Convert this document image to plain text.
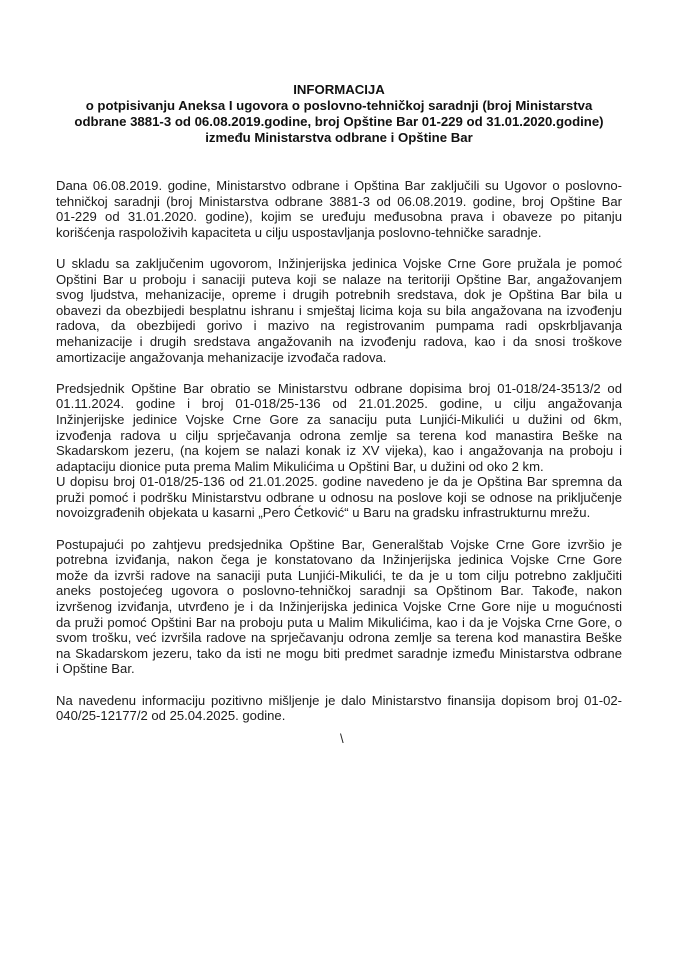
INFORMACIJA
o potpisivanju Aneksa I ugovora o poslovno-tehničkoj saradnji (broj Ministarstva
odbrane 3881-3 od 06.08.2019.godine, broj Opštine Bar 01-229 od 31.01.2020.godine)
između Ministarstva odbrane i Opštine Bar
Dana 06.08.2019. godine, Ministarstvo odbrane i Opština Bar zaključili su Ugovor o poslovno-
tehničkoj saradnji (broj Ministarstva odbrane 3881-3 od 06.08.2019. godine, broj Opštine Bar
01-229 od 31.01.2020. godine), kojim se uređuju međusobna prava i obaveze po pitanju
korišćenja raspoloživih kapaciteta u cilju uspostavljanja poslovno-tehničke saradnje.
U skladu sa zaključenim ugovorom, Inžinjerijska jedinica Vojske Crne Gore pružala je pomoć
Opštini Bar u proboju i sanaciji puteva koji se nalaze na teritoriji Opštine Bar, angažovanjem
svog ljudstva, mehanizacije, opreme i drugih potrebnih sredstava, dok je Opština Bar bila u
obavezi da obezbijedi besplatnu ishranu i smještaj licima koja su bila angažovana na izvođenju
radova, da obezbijedi gorivo i mazivo na registrovanim pumpama radi opskrbljavanja
mehanizacije i drugih sredstava angažovanih na izvođenju radova, kao i da snosi troškove
amortizacije angažovanja mehanizacije izvođača radova.
Predsjednik Opštine Bar obratio se Ministarstvu odbrane dopisima broj 01-018/24-3513/2 od
01.11.2024. godine i broj 01-018/25-136 od 21.01.2025. godine, u cilju angažovanja
Inžinjerijske jedinice Vojske Crne Gore za sanaciju puta Lunjići-Mikulići u dužini od 6km,
izvođenja radova u cilju sprječavanja odrona zemlje sa terena kod manastira Beške na
Skadarskom jezeru, (na kojem se nalazi konak iz XV vijeka), kao i angažovanja na proboju i
adaptaciju dionice puta prema Malim Mikulićima u Opštini Bar, u dužini od oko 2 km.
U dopisu broj 01-018/25-136 od 21.01.2025. godine navedeno je da je Opština Bar spremna da
pruži pomoć i podršku Ministarstvu odbrane u odnosu na poslove koji se odnose na priključenje
novoizgrađenih objekata u kasarni „Pero Ćetković“ u Baru na gradsku infrastrukturnu mrežu.
Postupajući po zahtjevu predsjednika Opštine Bar, Generalštab Vojske Crne Gore izvršio je
potrebna izviđanja, nakon čega je konstatovano da Inžinjerijska jedinica Vojske Crne Gore
može da izvrši radove na sanaciji puta Lunjići-Mikulići, te da je u tom cilju potrebno zaključiti
aneks postojećeg ugovora o poslovno-tehničkoj saradnji sa Opštinom Bar. Takođe, nakon
izvršenog izviđanja, utvrđeno je i da Inžinjerijska jedinica Vojske Crne Gore nije u mogućnosti
da pruži pomoć Opštini Bar na proboju puta u Malim Mikulićima, kao i da je Vojska Crne Gore, o
svom trošku, već izvršila radove na sprječavanju odrona zemlje sa terena kod manastira Beške
na Skadarskom jezeru, tako da isti ne mogu biti predmet saradnje između Ministarstva odbrane
i Opštine Bar.
Na navedenu informaciju pozitivno mišljenje je dalo Ministarstvo finansija dopisom broj 01-02-
040/25-12177/2 od 25.04.2025. godine.
\
